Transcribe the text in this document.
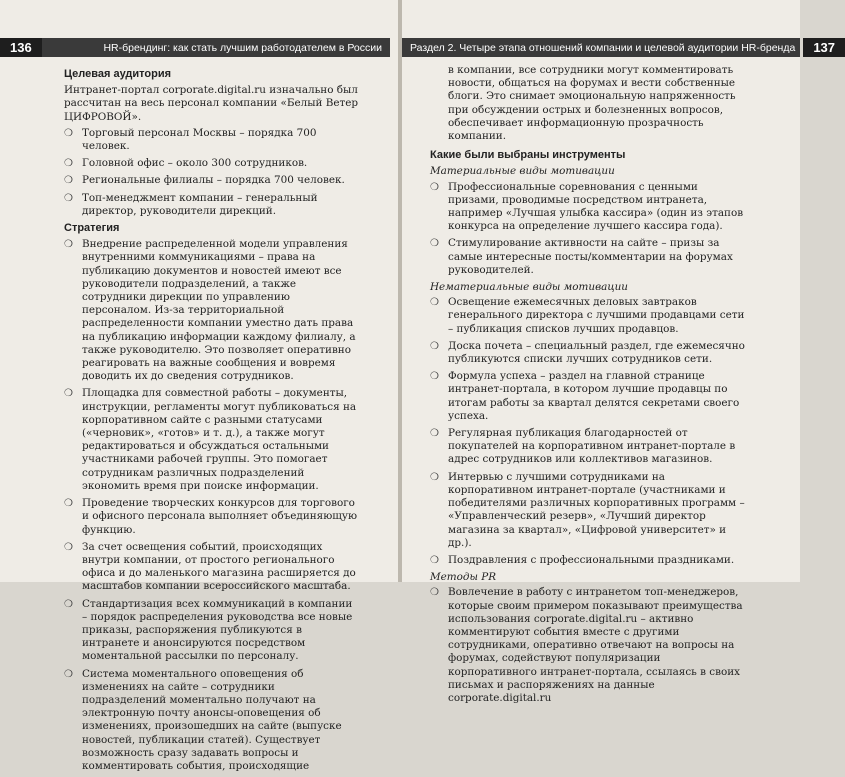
136	HR-брендинг: как стать лучшим работодателем в России
Целевая аудитория

Интранет-портал corporate.digital.ru изначально был рассчитан на весь персонал компании «Белый Ветер ЦИФРОВОЙ».

❍ Торговый персонал Москвы – порядка 700 человек.
❍ Головной офис – около 300 сотрудников.
❍ Региональные филиалы – порядка 700 человек.
❍ Топ-менеджмент компании – генеральный директор, руководители дирекций.
Стратегия
❍ Внедрение распределенной модели управления внутренними коммуникациями – права на публикацию документов и новостей имеют все руководители подразделений, а также сотрудники дирекции по управлению персоналом. Из-за территориальной распределенности компании уместно дать права на публикацию информации каждому филиалу, а также руководителю. Это позволяет оперативно реагировать на важные сообщения и вовремя доводить их до сведения сотрудников.
❍ Площадка для совместной работы – документы, инструкции, регламенты могут публиковаться на корпоративном сайте с разными статусами («черновик», «готов» и т. д.), а также могут редактироваться и обсуждаться остальными участниками рабочей группы. Это помогает сотрудникам различных подразделений экономить время при поиске информации.
❍ Проведение творческих конкурсов для торгового и офисного персонала выполняет объединяющую функцию.
❍ За счет освещения событий, происходящих внутри компании, от простого регионального офиса и до маленького магазина расширяется до масштабов компании всероссийского масштаба.
❍ Стандартизация всех коммуникаций в компании – порядок распределения руководства все новые приказы, распоряжения публикуются в интранете и анонсируются посредством моментальной рассылки по персоналу.
❍ Система моментального оповещения об изменениях на сайте – сотрудники подразделений моментально получают на электронную почту анонсы-оповещения об изменениях, произошедших на сайте (выпуске новостей, публикации статей). Существует возможность сразу задавать вопросы и комментировать события, происходящие
Раздел 2. Четыре этапа отношений компании и целевой аудитории HR-бренда	137

в компании, все сотрудники могут комментировать новости, общаться на форумах и вести собственные блоги. Это снимает эмоциональную напряженность при обсуждении острых и болезненных вопросов, обеспечивает информационную прозрачность компании.

Какие были выбраны инструменты
Материальные виды мотивации
❍ Профессиональные соревнования с ценными призами, проводимые посредством интранета, например «Лучшая улыбка кассира» (один из этапов конкурса на определение лучшего кассира года).
❍ Стимулирование активности на сайте – призы за самые интересные посты/комментарии на форумах руководителей.
Нематериальные виды мотивации
❍ Освещение ежемесячных деловых завтраков генерального директора с лучшими продавцами сети – публикация списков лучших продавцов.
❍ Доска почета – специальный раздел, где ежемесячно публикуются списки лучших сотрудников сети.
❍ Формула успеха – раздел на главной странице интранет-портала, в котором лучшие продавцы по итогам работы за квартал делятся секретами своего успеха.
❍ Регулярная публикация благодарностей от покупателей на корпоративном интранет-портале в адрес сотрудников или коллективов магазинов.
❍ Интервью с лучшими сотрудниками на корпоративном интранет-портале (участниками и победителями различных корпоративных программ – «Управленческий резерв», «Лучший директор магазина за квартал», «Цифровой университет» и др.).
❍ Поздравления с профессиональными праздниками.
Методы PR
❍ Вовлечение в работу с интранетом топ-менеджеров, которые своим примером показывают преимущества использования corporate.digital.ru – активно комментируют события вместе с другими сотрудниками, оперативно отвечают на вопросы на форумах, содействуют популяризации корпоративного интранет-портала, ссылаясь в своих письмах и распоряжениях на данные corporate.digital.ru
